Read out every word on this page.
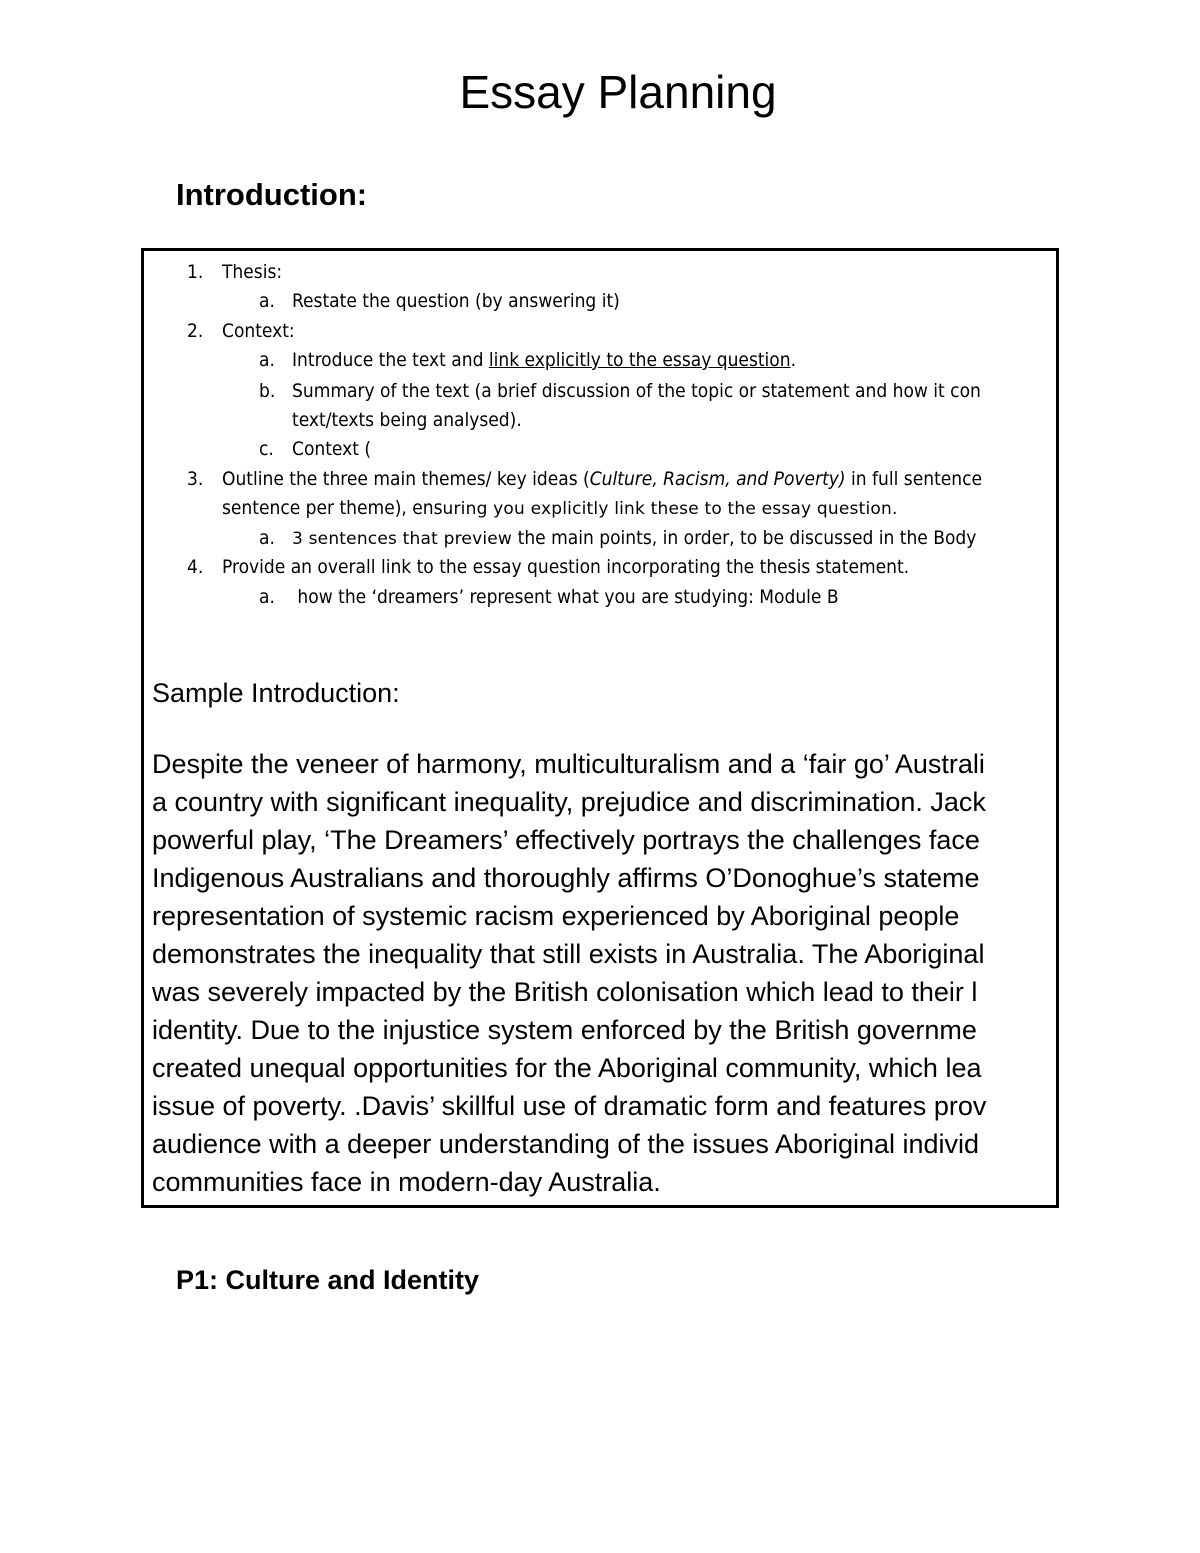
Essay Planning
Introduction:
1. Thesis:
a. Restate the question (by answering it)
2. Context:
a. Introduce the text and link explicitly to the essay question.
b. Summary of the text (a brief discussion of the topic or statement and how it con
text/texts being analysed).
c. Context (
3. Outline the three main themes/ key ideas (Culture, Racism, and Poverty) in full sentence
sentence per theme), ensuring you explicitly link these to the essay question.
a. 3 sentences that preview the main points, in order, to be discussed in the Body
4. Provide an overall link to the essay question incorporating the thesis statement.
a. how the ‘dreamers’ represent what you are studying: Module B
Sample Introduction:
Despite the veneer of harmony, multiculturalism and a ‘fair go’ Australi
a country with significant inequality, prejudice and discrimination. Jack
powerful play, ‘The Dreamers’ effectively portrays the challenges face
Indigenous Australians and thoroughly affirms O’Donoghue’s stateme
representation of systemic racism experienced by Aboriginal people
demonstrates the inequality that still exists in Australia. The Aboriginal
was severely impacted by the British colonisation which lead to their l
identity. Due to the injustice system enforced by the British governme
created unequal opportunities for the Aboriginal community, which lea
issue of poverty. .Davis’ skillful use of dramatic form and features prov
audience with a deeper understanding of the issues Aboriginal individ
communities face in modern-day Australia.
P1: Culture and Identity
